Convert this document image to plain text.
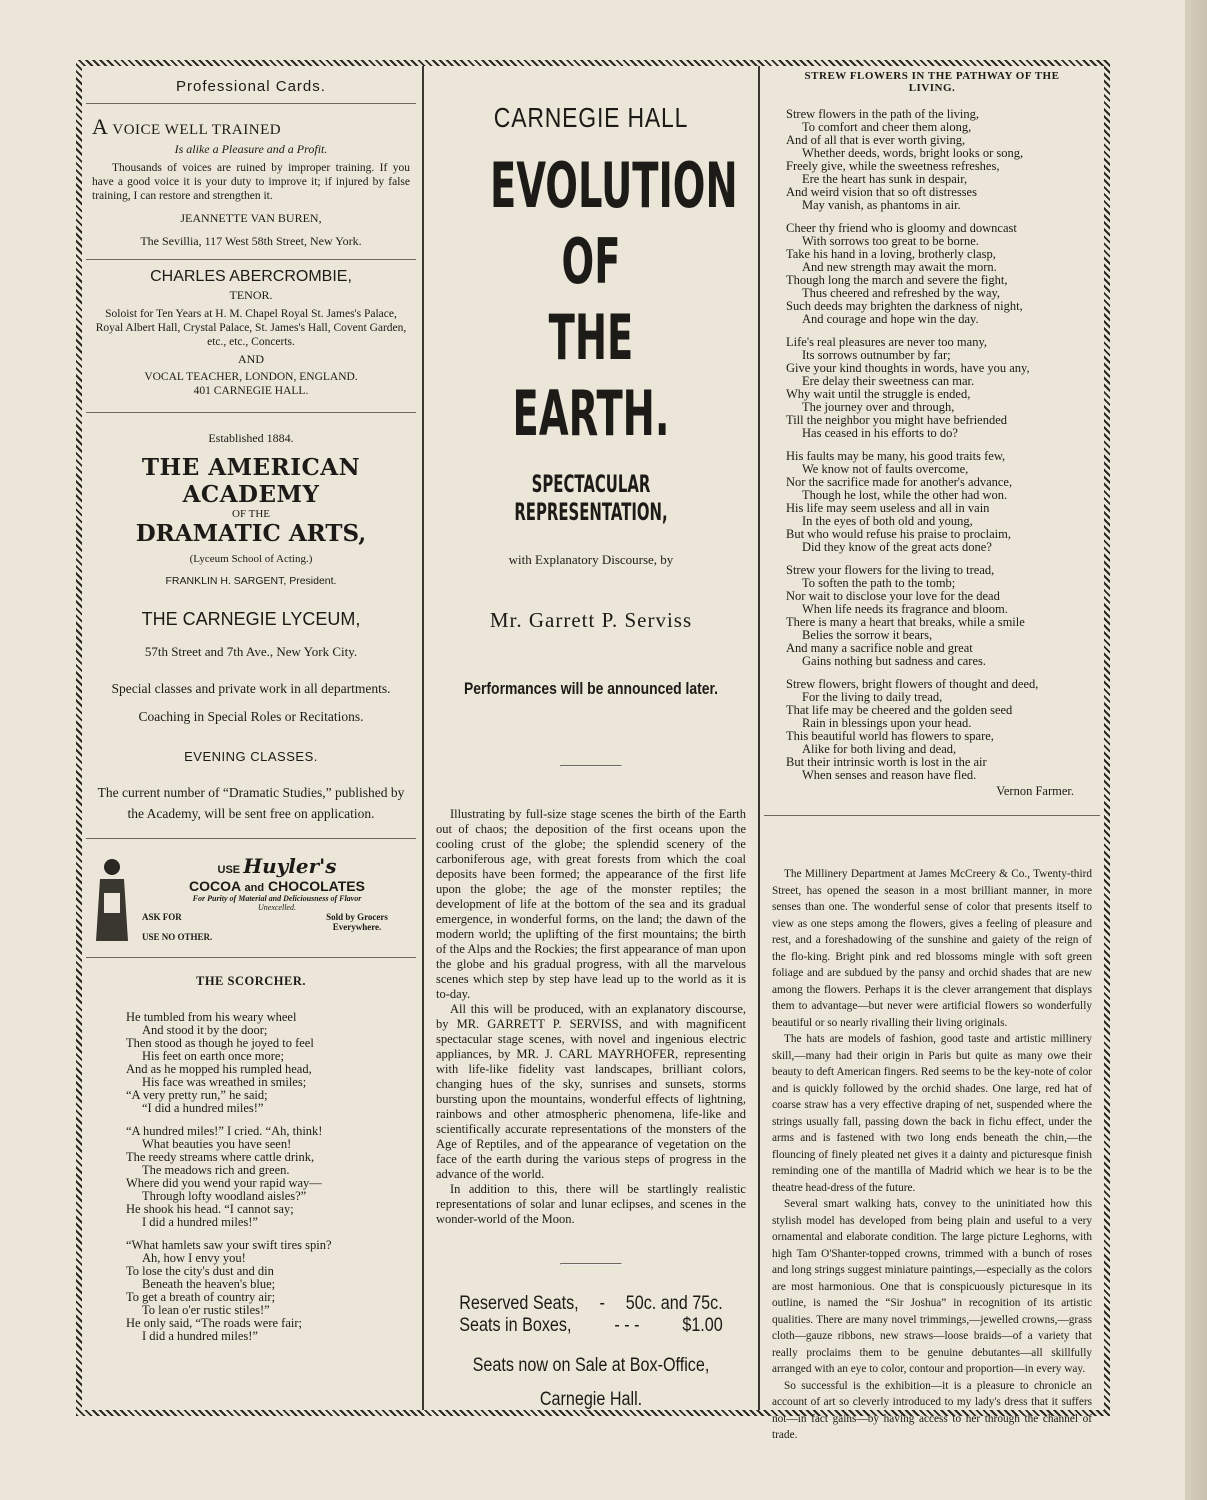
Professional Cards.
A VOICE WELL TRAINED
Is alike a Pleasure and a Profit.

Thousands of voices are ruined by improper training. If you have a good voice it is your duty to improve it; if injured by false training, I can restore and strengthen it.

JEANNETTE VAN BUREN,
The Sevillia, 117 West 58th Street, New York.
CHARLES ABERCROMBIE,
TENOR.

Soloist for Ten Years at H. M. Chapel Royal St. James's Palace, Royal Albert Hall, Crystal Palace, St. James's Hall, Covent Garden, etc., etc., Concerts.

AND
VOCAL TEACHER, LONDON, ENGLAND.
401 CARNEGIE HALL.
Established 1884.
THE AMERICAN ACADEMY
OF THE
DRAMATIC ARTS,
(Lyceum School of Acting.)
FRANKLIN H. SARGENT, President.
THE CARNEGIE LYCEUM,
57th Street and 7th Ave., New York City.

Special classes and private work in all departments.

Coaching in Special Roles or Recitations.

EVENING CLASSES.

The current number of “Dramatic Studies,” published by the Academy, will be sent free on application.

USE Huyler's
COCOA and CHOCOLATES
For Purity of Material and Deliciousness of Flavor
Unexcelled.
ASK FOR	Sold by Grocers Everywhere.
USE NO OTHER.
THE SCORCHER.
He tumbled from his weary wheel
And stood it by the door;
Then stood as though he joyed to feel
His feet on earth once more;
And as he mopped his rumpled head,
His face was wreathed in smiles;
“A very pretty run,” he said;
“I did a hundred miles!”
“A hundred miles!” I cried. “Ah, think!
What beauties you have seen!
The reedy streams where cattle drink,
The meadows rich and green.
Where did you wend your rapid way—
Through lofty woodland aisles?”
He shook his head. “I cannot say;
I did a hundred miles!”
“What hamlets saw your swift tires spin?
Ah, how I envy you!
To lose the city's dust and din
Beneath the heaven's blue;
To get a breath of country air;
To lean o'er rustic stiles!”
He only said, “The roads were fair;
I did a hundred miles!”
CARNEGIE HALL
EVOLUTION
OF
THE EARTH.
SPECTACULAR REPRESENTATION,
with Explanatory Discourse, by
Mr. Garrett P. Serviss
Performances will be announced later.

Illustrating by full-size stage scenes the birth of the Earth out of chaos; the deposition of the first oceans upon the cooling crust of the globe; the splendid scenery of the carboniferous age, with great forests from which the coal deposits have been formed; the appearance of the first life upon the globe; the age of the monster reptiles; the development of life at the bottom of the sea and its gradual emergence, in wonderful forms, on the land; the dawn of the modern world; the uplifting of the first mountains; the birth of the Alps and the Rockies; the first appearance of man upon the globe and his gradual progress, with all the marvelous scenes which step by step have lead up to the world as it is to-day.

All this will be produced, with an explanatory discourse, by MR. GARRETT P. SERVISS, and with magnificent spectacular stage scenes, with novel and ingenious electric appliances, by MR. J. CARL MAYRHOFER, representing with life-like fidelity vast landscapes, brilliant colors, changing hues of the sky, sunrises and sunsets, storms bursting upon the mountains, wonderful effects of lightning, rainbows and other atmospheric phenomena, life-like and scientifically accurate representations of the monsters of the Age of Reptiles, and of the appearance of vegetation on the face of the earth during the various steps of progress in the advance of the world.

In addition to this, there will be startlingly realistic representations of solar and lunar eclipses, and scenes in the wonder-world of the Moon.

Reserved Seats, - 50c. and 75c.
Seats in Boxes, - - - $1.00
Seats now on Sale at Box-Office,
Carnegie Hall.
STREW FLOWERS IN THE PATHWAY OF THE LIVING.
Strew flowers in the path of the living,
To comfort and cheer them along,
And of all that is ever worth giving,
Whether deeds, words, bright looks or song,
Freely give, while the sweetness refreshes,
Ere the heart has sunk in despair,
And weird vision that so oft distresses
May vanish, as phantoms in air.
Cheer thy friend who is gloomy and downcast
With sorrows too great to be borne.
Take his hand in a loving, brotherly clasp,
And new strength may await the morn.
Though long the march and severe the fight,
Thus cheered and refreshed by the way,
Such deeds may brighten the darkness of night,
And courage and hope win the day.
Life's real pleasures are never too many,
Its sorrows outnumber by far;
Give your kind thoughts in words, have you any,
Ere delay their sweetness can mar.
Why wait until the struggle is ended,
The journey over and through,
Till the neighbor you might have befriended
Has ceased in his efforts to do?
His faults may be many, his good traits few,
We know not of faults overcome,
Nor the sacrifice made for another's advance,
Though he lost, while the other had won.
His life may seem useless and all in vain
In the eyes of both old and young,
But who would refuse his praise to proclaim,
Did they know of the great acts done?
Strew your flowers for the living to tread,
To soften the path to the tomb;
Nor wait to disclose your love for the dead
When life needs its fragrance and bloom.
There is many a heart that breaks, while a smile
Belies the sorrow it bears,
And many a sacrifice noble and great
Gains nothing but sadness and cares.
Strew flowers, bright flowers of thought and deed,
For the living to daily tread,
That life may be cheered and the golden seed
Rain in blessings upon your head.
This beautiful world has flowers to spare,
Alike for both living and dead,
But their intrinsic worth is lost in the air
When senses and reason have fled.
Vernon Farmer.

The Millinery Department at James McCreery & Co., Twenty-third Street, has opened the season in a most brilliant manner, in more senses than one. The wonderful sense of color that presents itself to view as one steps among the flowers, gives a feeling of pleasure and rest, and a foreshadowing of the sunshine and gaiety of the reign of the flo-king. Bright pink and red blossoms mingle with soft green foliage and are subdued by the pansy and orchid shades that are new among the flowers. Perhaps it is the clever arrangement that displays them to advantage—but never were artificial flowers so wonderfully beautiful or so nearly rivalling their living originals.

The hats are models of fashion, good taste and artistic millinery skill,—many had their origin in Paris but quite as many owe their beauty to deft American fingers. Red seems to be the key-note of color and is quickly followed by the orchid shades. One large, red hat of coarse straw has a very effective draping of net, suspended where the strings usually fall, passing down the back in fichu effect, under the arms and is fastened with two long ends beneath the chin,—the flouncing of finely pleated net gives it a dainty and picturesque finish reminding one of the mantilla of Madrid which we hear is to be the theatre head-dress of the future.

Several smart walking hats, convey to the uninitiated how this stylish model has developed from being plain and useful to a very ornamental and elaborate condition. The large picture Leghorns, with high Tam O'Shanter-topped crowns, trimmed with a bunch of roses and long strings suggest miniature paintings,—especially as the colors are most harmonious. One that is conspicuously picturesque in its outline, is named the “Sir Joshua” in recognition of its artistic qualities. There are many novel trimmings,—jewelled crowns,—grass cloth—gauze ribbons, new straws—loose braids—of a variety that really proclaims them to be genuine debutantes—all skillfully arranged with an eye to color, contour and proportion—in every way.

So successful is the exhibition—it is a pleasure to chronicle an account of art so cleverly introduced to my lady's dress that it suffers not—in fact gains—by having access to her through the channel of trade.
